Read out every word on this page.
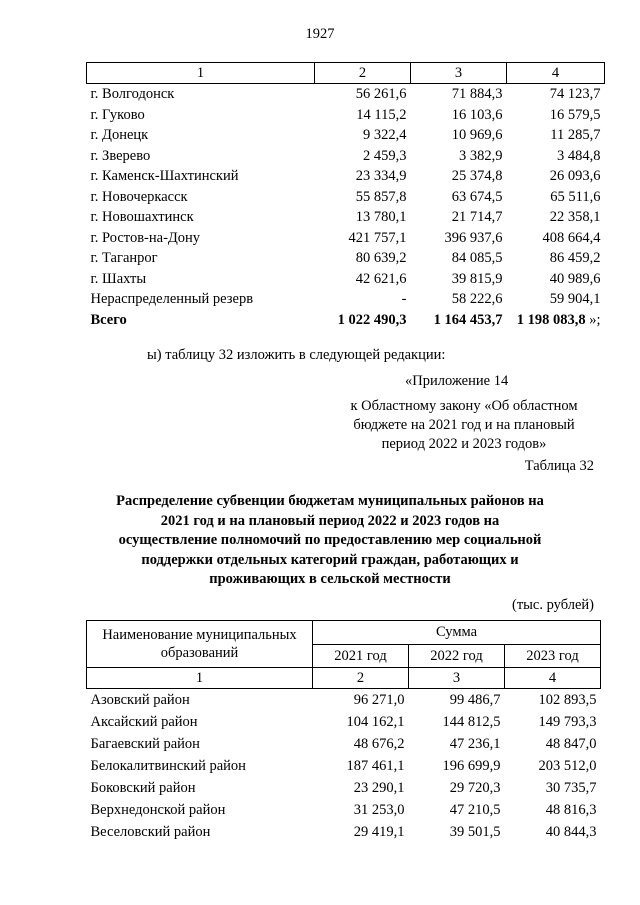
1927
1	2	3	4
г. Волгодонск	56 261,6	71 884,3	74 123,7
г. Гуково	14 115,2	16 103,6	16 579,5
г. Донецк	9 322,4	10 969,6	11 285,7
г. Зверево	2 459,3	3 382,9	3 484,8
г. Каменск-Шахтинский	23 334,9	25 374,8	26 093,6
г. Новочеркасск	55 857,8	63 674,5	65 511,6
г. Новошахтинск	13 780,1	21 714,7	22 358,1
г. Ростов-на-Дону	421 757,1	396 937,6	408 664,4
г. Таганрог	80 639,2	84 085,5	86 459,2
г. Шахты	42 621,6	39 815,9	40 989,6
Нераспределенный резерв	-	58 222,6	59 904,1
Всего	1 022 490,3	1 164 453,7	1 198 083,8 »;
ы) таблицу 32 изложить в следующей редакции:
«Приложение 14
к Областному закону «Об областном бюджете на 2021 год и на плановый период 2022 и 2023 годов»
Таблица 32
Распределение субвенции бюджетам муниципальных районов на 2021 год и на плановый период 2022 и 2023 годов на осуществление полномочий по предоставлению мер социальной поддержки отдельных категорий граждан, работающих и проживающих в сельской местности
(тыс. рублей)
Наименование муниципальных образований	Сумма		
	2021 год	2022 год	2023 год
1	2	3	4
Азовский район	96 271,0	99 486,7	102 893,5
Аксайский район	104 162,1	144 812,5	149 793,3
Багаевский район	48 676,2	47 236,1	48 847,0
Белокалитвинский район	187 461,1	196 699,9	203 512,0
Боковский район	23 290,1	29 720,3	30 735,7
Верхнедонской район	31 253,0	47 210,5	48 816,3
Веселовский район	29 419,1	39 501,5	40 844,3
